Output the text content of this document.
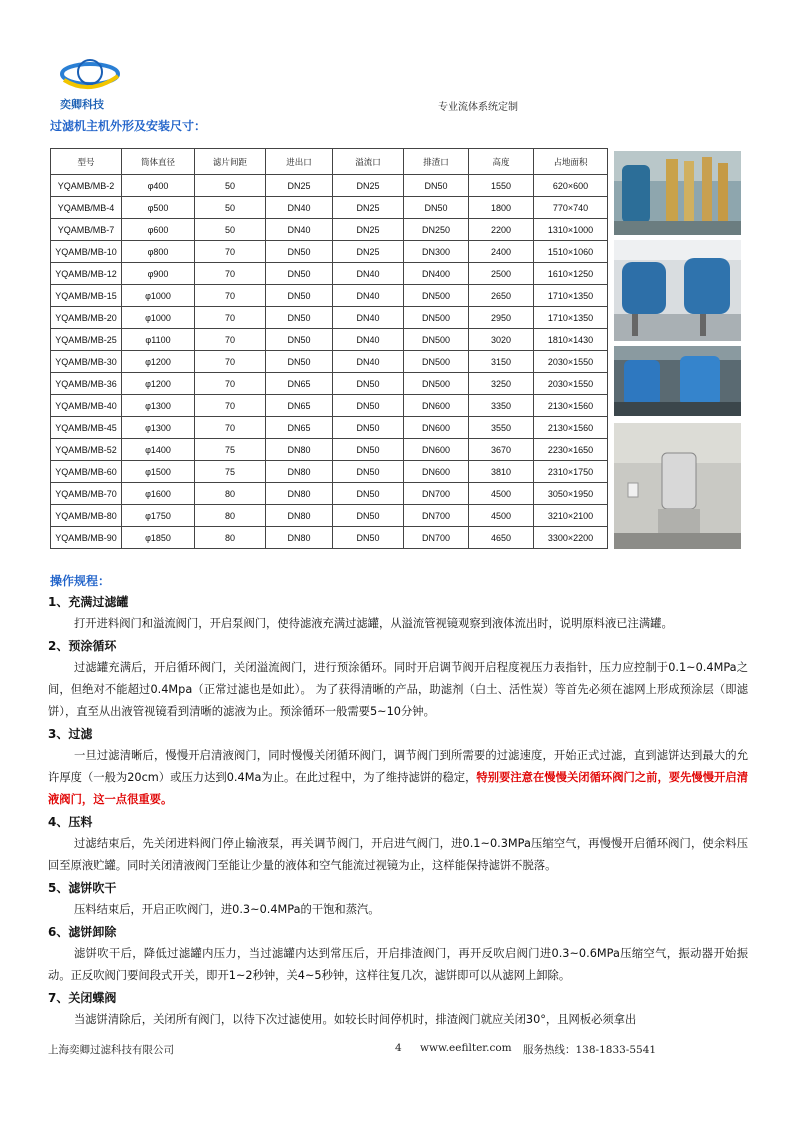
奕卿科技	专业流体系统定制
过滤机主机外形及安装尺寸：
型号	筒体直径	滤片间距	进出口	溢流口	排渣口	高度	占地面积
YQAMB/MB-2	φ400	50	DN25	DN25	DN50	1550	620×600
YQAMB/MB-4	φ500	50	DN40	DN25	DN50	1800	770×740
YQAMB/MB-7	φ600	50	DN40	DN25	DN250	2200	1310×1000
YQAMB/MB-10	φ800	70	DN50	DN25	DN300	2400	1510×1060
YQAMB/MB-12	φ900	70	DN50	DN40	DN400	2500	1610×1250
YQAMB/MB-15	φ1000	70	DN50	DN40	DN500	2650	1710×1350
YQAMB/MB-20	φ1000	70	DN50	DN40	DN500	2950	1710×1350
YQAMB/MB-25	φ1100	70	DN50	DN40	DN500	3020	1810×1430
YQAMB/MB-30	φ1200	70	DN50	DN40	DN500	3150	2030×1550
YQAMB/MB-36	φ1200	70	DN65	DN50	DN500	3250	2030×1550
YQAMB/MB-40	φ1300	70	DN65	DN50	DN600	3350	2130×1560
YQAMB/MB-45	φ1300	70	DN65	DN50	DN600	3550	2130×1560
YQAMB/MB-52	φ1400	75	DN80	DN50	DN600	3670	2230×1650
YQAMB/MB-60	φ1500	75	DN80	DN50	DN600	3810	2310×1750
YQAMB/MB-70	φ1600	80	DN80	DN50	DN700	4500	3050×1950
YQAMB/MB-80	φ1750	80	DN80	DN50	DN700	4500	3210×2100
YQAMB/MB-90	φ1850	80	DN80	DN50	DN700	4650	3300×2200
操作规程：
1、充满过滤罐
打开进料阀门和溢流阀门，开启泵阀门，使待滤液充满过滤罐，从溢流管视镜观察到液体流出时，说明原料液已注满罐。
2、预涂循环
过滤罐充满后，开启循环阀门，关闭溢流阀门，进行预涂循环。同时开启调节阀开启程度视压力表指针，压力应控制于0.1~0.4MPa之间，但绝对不能超过0.4Mpa（正常过滤也是如此）。 为了获得清晰的产品，助滤剂（白土、活性炭）等首先必须在滤网上形成预涂层（即滤饼），直至从出液管视镜看到清晰的滤液为止。预涂循环一般需要5~10分钟。
3、过滤
一旦过滤清晰后，慢慢开启清液阀门，同时慢慢关闭循环阀门，调节阀门到所需要的过滤速度，开始正式过滤，直到滤饼达到最大的允许厚度（一般为20cm）或压力达到0.4Ma为止。在此过程中，为了维持滤饼的稳定，特别要注意在慢慢关闭循环阀门之前，要先慢慢开启清液阀门，这一点很重要。
4、压料
过滤结束后，先关闭进料阀门停止输液泵，再关调节阀门，开启进气阀门，进0.1~0.3MPa压缩空气，再慢慢开启循环阀门，使余料压回至原液贮罐。同时关闭清液阀门至能让少量的液体和空气能流过视镜为止，这样能保持滤饼不脱落。
5、滤饼吹干
压料结束后，开启正吹阀门，进0.3~0.4MPa的干饱和蒸汽。
6、滤饼卸除
滤饼吹干后，降低过滤罐内压力，当过滤罐内达到常压后，开启排渣阀门，再开反吹启阀门进0.3~0.6MPa压缩空气，振动器开始振动。正反吹阀门要间段式开关，即开1~2秒钟，关4~5秒钟，这样往复几次，滤饼即可以从滤网上卸除。
7、关闭蝶阀
当滤饼清除后，关闭所有阀门，以待下次过滤使用。如较长时间停机时，排渣阀门就应关闭30°，且网板必须拿出
上海奕卿过滤科技有限公司	4 www.eefilter.com 服务热线：138-1833-5541
